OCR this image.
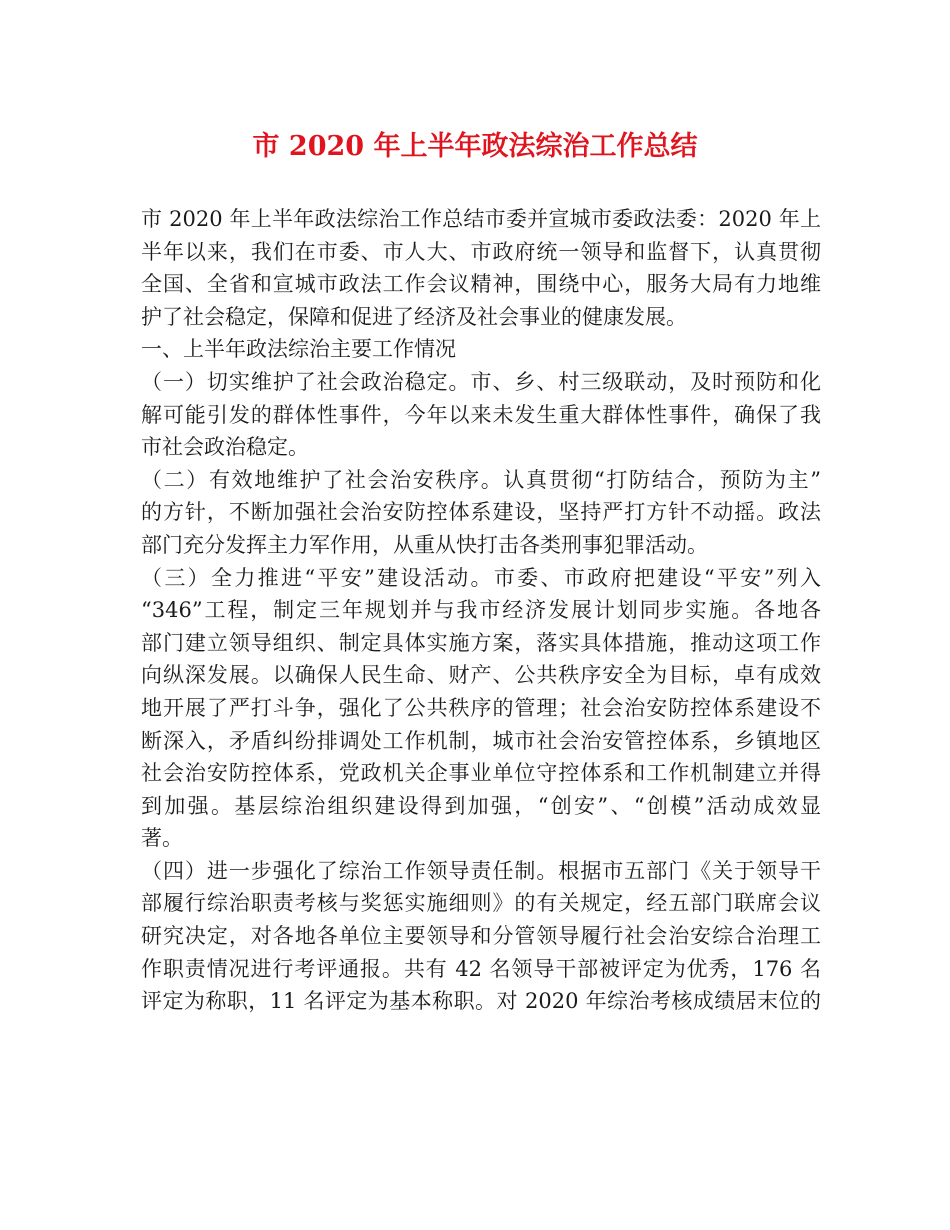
市 2020 年上半年政法综治工作总结

市 2020 年上半年政法综治工作总结市委并宣城市委政法委：2020 年上
半年以来，我们在市委、市人大、市政府统一领导和监督下，认真贯彻
全国、全省和宣城市政法工作会议精神，围绕中心，服务大局有力地维
护了社会稳定，保障和促进了经济及社会事业的健康发展。

一、上半年政法综治主要工作情况

（一）切实维护了社会政治稳定。市、乡、村三级联动，及时预防和化
解可能引发的群体性事件，今年以来未发生重大群体性事件，确保了我
市社会政治稳定。

（二）有效地维护了社会治安秩序。认真贯彻“打防结合，预防为主”
的方针，不断加强社会治安防控体系建设，坚持严打方针不动摇。政法
部门充分发挥主力军作用，从重从快打击各类刑事犯罪活动。

（三）全力推进“平安”建设活动。市委、市政府把建设“平安”列入
“346”工程，制定三年规划并与我市经济发展计划同步实施。各地各
部门建立领导组织、制定具体实施方案，落实具体措施，推动这项工作
向纵深发展。以确保人民生命、财产、公共秩序安全为目标，卓有成效
地开展了严打斗争，强化了公共秩序的管理；社会治安防控体系建设不
断深入，矛盾纠纷排调处工作机制，城市社会治安管控体系，乡镇地区
社会治安防控体系，党政机关企事业单位守控体系和工作机制建立并得
到加强。基层综治组织建设得到加强，“创安”、“创模”活动成效显
著。

（四）进一步强化了综治工作领导责任制。根据市五部门《关于领导干
部履行综治职责考核与奖惩实施细则》的有关规定，经五部门联席会议
研究决定，对各地各单位主要领导和分管领导履行社会治安综合治理工
作职责情况进行考评通报。共有 42 名领导干部被评定为优秀，176 名
评定为称职，11 名评定为基本称职。对 2020 年综治考核成绩居末位的
